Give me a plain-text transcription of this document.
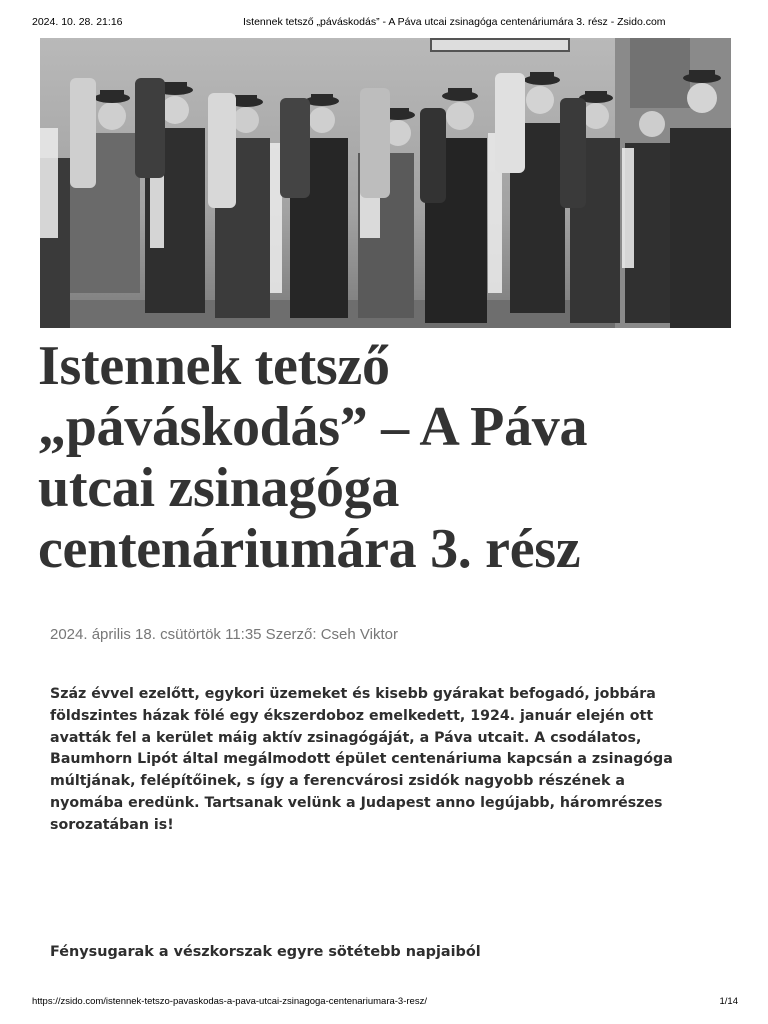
2024. 10. 28. 21:16	Istennek tetsző „páváskodás” - A Páva utcai zsinagóga centenáriumára 3. rész - Zsido.com
Istennek tetsző
„páváskodás” – A Páva
utcai zsinagóga
centenáriumára 3. rész
2024. április 18. csütörtök 11:35 Szerző: Cseh Viktor
Száz évvel ezelőtt, egykori üzemeket és kisebb gyárakat befogadó, jobbára
földszintes házak fölé egy ékszerdoboz emelkedett, 1924. január elején ott
avatták fel a kerület máig aktív zsinagógáját, a Páva utcait. A csodálatos,
Baumhorn Lipót által megálmodott épület centenáriuma kapcsán a zsinagóga
múltjának, felépítőinek, s így a ferencvárosi zsidók nagyobb részének a
nyomába eredünk. Tartsanak velünk a Judapest anno legújabb, háromrészes
sorozatában is!
Fénysugarak a vészkorszak egyre sötétebb napjaiból
https://zsido.com/istennek-tetszo-pavaskodas-a-pava-utcai-zsinagoga-centenariumara-3-resz/	1/14
